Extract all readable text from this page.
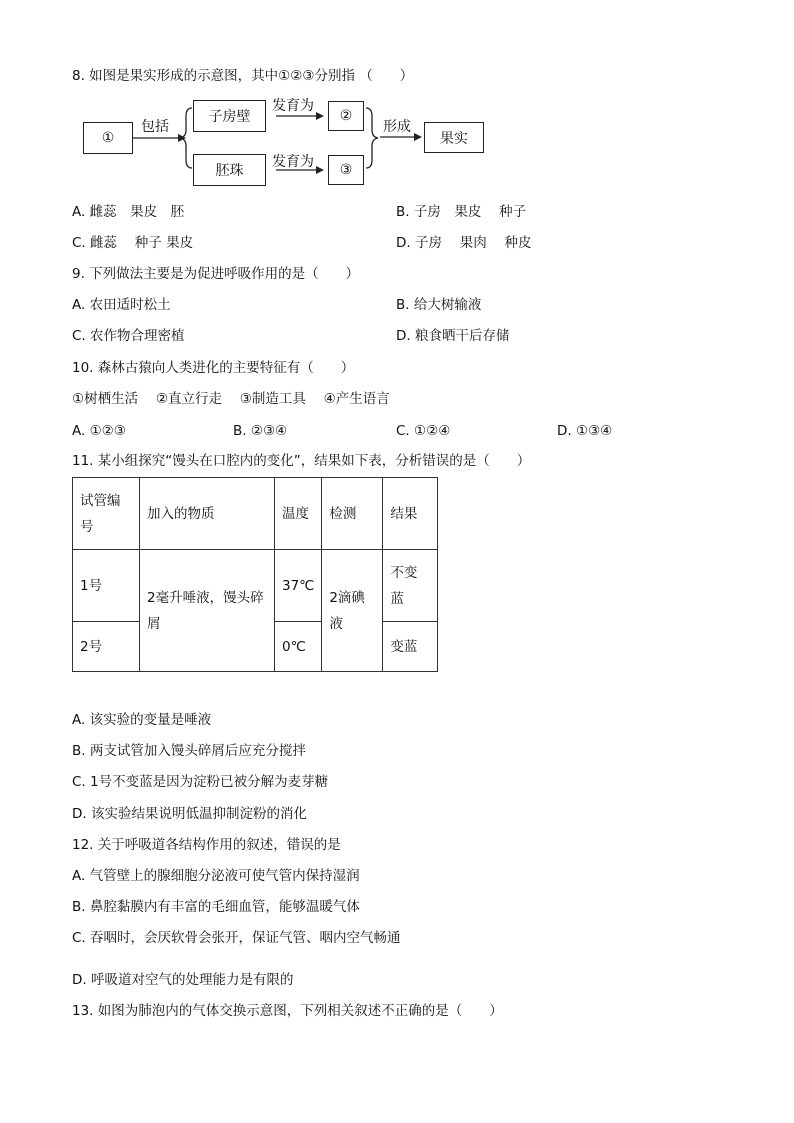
8. 如图是果实形成的示意图，其中①②③分别指 （　　）
①
包括
子房壁
胚珠
发育为
发育为
②
③
形成
果实
A. 雌蕊　果皮　胚	B. 子房　果皮　 种子
C. 雌蕊　 种子 果皮	D. 子房　 果肉　 种皮
9. 下列做法主要是为促进呼吸作用的是（　　）
A. 农田适时松土	B. 给大树输液
C. 农作物合理密植	D. 粮食晒干后存储
10. 森林古猿向人类进化的主要特征有（　　）
①树栖生活　 ②直立行走　 ③制造工具　 ④产生语言
A. ①②③	B. ②③④	C. ①②④	D. ①③④
11. 某小组探究“馒头在口腔内的变化”，结果如下表，分析错误的是（　　）
试管编号	加入的物质	温度	检测	结果
1号	2毫升唾液，馒头碎屑	37℃	2滴碘液	不变蓝
2号		0℃		变蓝
A. 该实验的变量是唾液
B. 两支试管加入馒头碎屑后应充分搅拌
C. 1号不变蓝是因为淀粉已被分解为麦芽糖
D. 该实验结果说明低温抑制淀粉的消化
12. 关于呼吸道各结构作用的叙述，错误的是
A. 气管壁上的腺细胞分泌液可使气管内保持湿润
B. 鼻腔黏膜内有丰富的毛细血管，能够温暖气体
C. 吞咽时，会厌软骨会张开，保证气管、咽内空气畅通
D. 呼吸道对空气的处理能力是有限的
13. 如图为肺泡内的气体交换示意图，下列相关叙述不正确的是（　　）
